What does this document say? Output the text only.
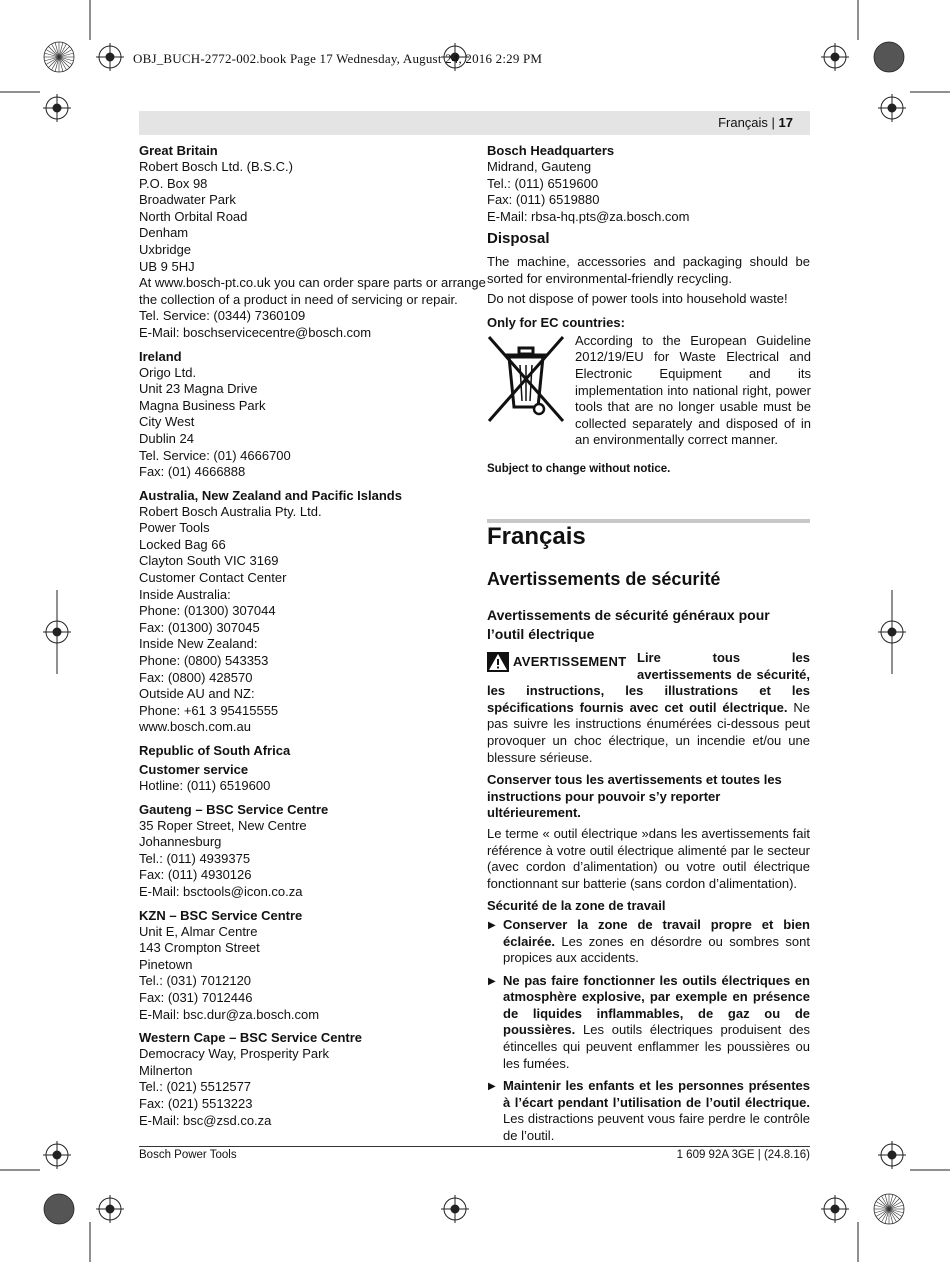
OBJ_BUCH-2772-002.book Page 17 Wednesday, August 24, 2016 2:29 PM
Français | 17
Great Britain
Robert Bosch Ltd. (B.S.C.)
P.O. Box 98
Broadwater Park
North Orbital Road
Denham
Uxbridge
UB 9 5HJ
At www.bosch-pt.co.uk you can order spare parts or arrange
the collection of a product in need of servicing or repair.
Tel. Service: (0344) 7360109
E-Mail: boschservicecentre@bosch.com
Ireland
Origo Ltd.
Unit 23 Magna Drive
Magna Business Park
City West
Dublin 24
Tel. Service: (01) 4666700
Fax: (01) 4666888
Australia, New Zealand and Pacific Islands
Robert Bosch Australia Pty. Ltd.
Power Tools
Locked Bag 66
Clayton South VIC 3169
Customer Contact Center
Inside Australia:
Phone: (01300) 307044
Fax: (01300) 307045
Inside New Zealand:
Phone: (0800) 543353
Fax: (0800) 428570
Outside AU and NZ:
Phone: +61 3 95415555
www.bosch.com.au
Republic of South Africa
Customer service
Hotline: (011) 6519600
Gauteng – BSC Service Centre
35 Roper Street, New Centre
Johannesburg
Tel.: (011) 4939375
Fax: (011) 4930126
E-Mail: bsctools@icon.co.za
KZN – BSC Service Centre
Unit E, Almar Centre
143 Crompton Street
Pinetown
Tel.: (031) 7012120
Fax: (031) 7012446
E-Mail: bsc.dur@za.bosch.com
Western Cape – BSC Service Centre
Democracy Way, Prosperity Park
Milnerton
Tel.: (021) 5512577
Fax: (021) 5513223
E-Mail: bsc@zsd.co.za
Bosch Headquarters
Midrand, Gauteng
Tel.: (011) 6519600
Fax: (011) 6519880
E-Mail: rbsa-hq.pts@za.bosch.com
Disposal

The machine, accessories and packaging should be sorted for environmental-friendly recycling.

Do not dispose of power tools into household waste!

Only for EC countries:
According to the European Guideline 2012/19/EU for Waste Electrical and Electronic Equipment and its implementation into national right, power tools that are no longer usable must be collected separately and disposed of in an environmentally correct manner.
Subject to change without notice.
Français
Avertissements de sécurité
Avertissements de sécurité généraux pour l’outil électrique

AVERTISSEMENT Lire tous les avertissements de sécurité, les instructions, les illustrations et les spécifications fournis avec cet outil électrique. Ne pas suivre les instructions énumérées ci-dessous peut provoquer un choc électrique, un incendie et/ou une blessure sérieuse.

Conserver tous les avertissements et toutes les instructions pour pouvoir s’y reporter ultérieurement.

Le terme « outil électrique »dans les avertissements fait référence à votre outil électrique alimenté par le secteur (avec cordon d’alimentation) ou votre outil électrique fonctionnant sur batterie (sans cordon d’alimentation).

Sécurité de la zone de travail
▶ Conserver la zone de travail propre et bien éclairée. Les zones en désordre ou sombres sont propices aux accidents.
▶ Ne pas faire fonctionner les outils électriques en atmosphère explosive, par exemple en présence de liquides inflammables, de gaz ou de poussières. Les outils électriques produisent des étincelles qui peuvent enflammer les poussières ou les fumées.
▶ Maintenir les enfants et les personnes présentes à l’écart pendant l’utilisation de l’outil électrique. Les distractions peuvent vous faire perdre le contrôle de l’outil.
Bosch Power Tools	1 609 92A 3GE | (24.8.16)
